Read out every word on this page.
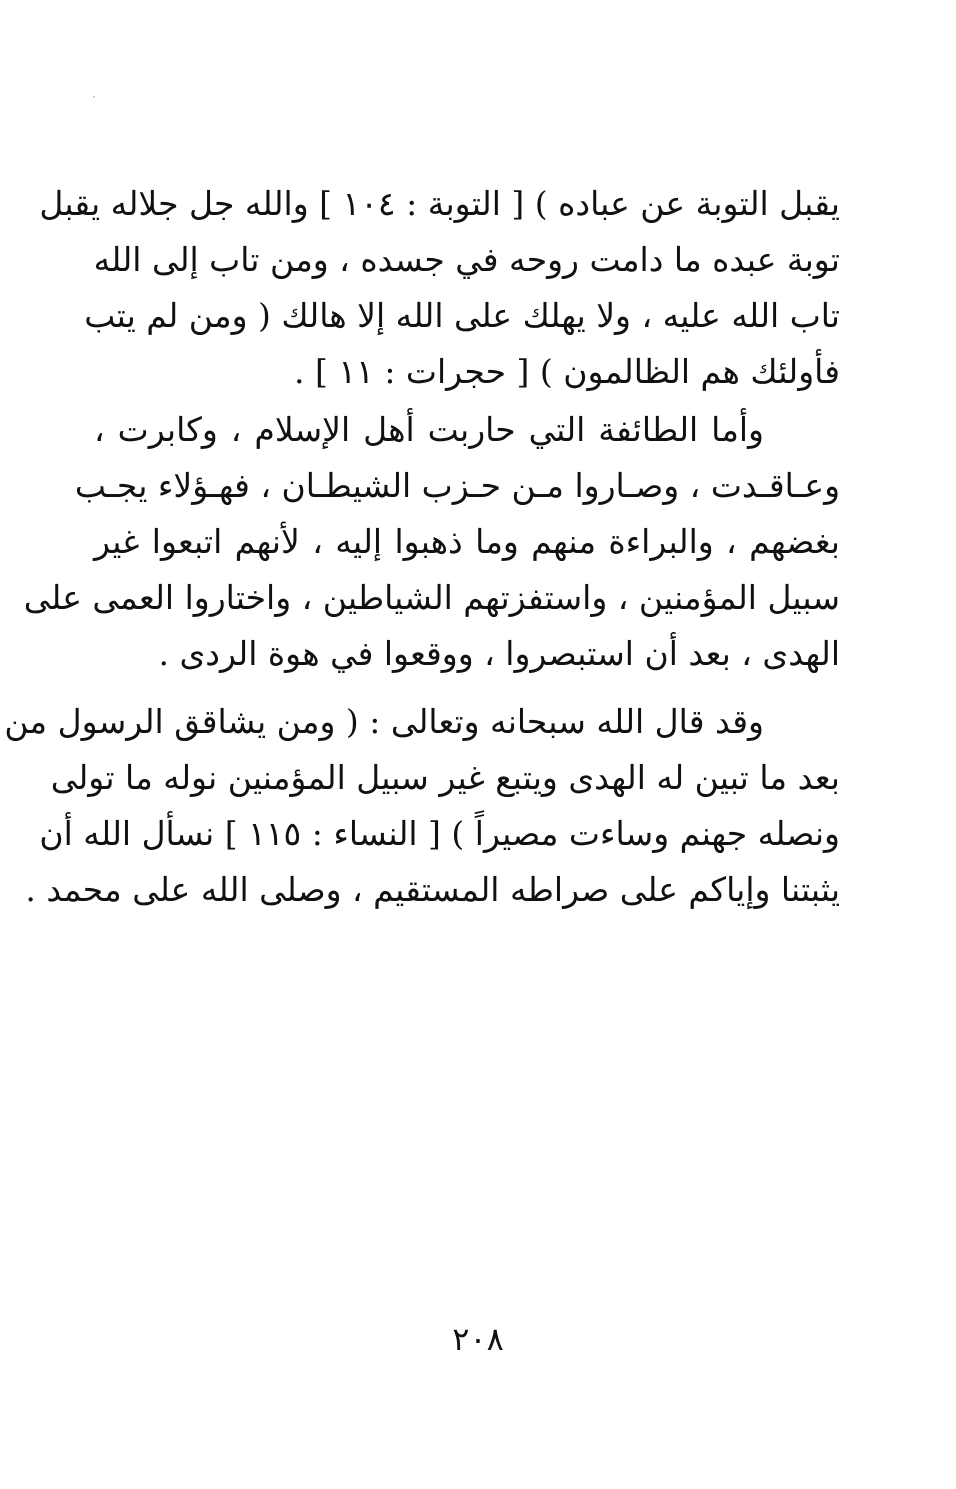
يقبل التوبة عن عباده ) [ التوبة : ١٠٤ ] والله جل جلاله يقبل
توبة عبده ما دامت روحه في جسده ، ومن تاب إلى الله
تاب الله عليه ، ولا يهلك على الله إلا هالك ( ومن لم يتب
فأولئك هم الظالمون ) [ حجرات : ١١ ] .

وأما الطائفة التي حاربت أهل الإسلام ، وكابرت ،
وعـاقـدت ، وصـاروا مـن حـزب الشيطـان ، فهـؤلاء يجـب
بغضهم ، والبراءة منهم وما ذهبوا إليه ، لأنهم اتبعوا غير
سبيل المؤمنين ، واستفزتهم الشياطين ، واختاروا العمى على
الهدى ، بعد أن استبصروا ، ووقعوا في هوة الردى .

وقد قال الله سبحانه وتعالى : ( ومن يشاقق الرسول من
بعد ما تبين له الهدى ويتبع غير سبيل المؤمنين نوله ما تولى
ونصله جهنم وساءت مصيراً ) [ النساء : ١١٥ ] نسأل الله أن
يثبتنا وإياكم على صراطه المستقيم ، وصلى الله على محمد .

٢٠٨
